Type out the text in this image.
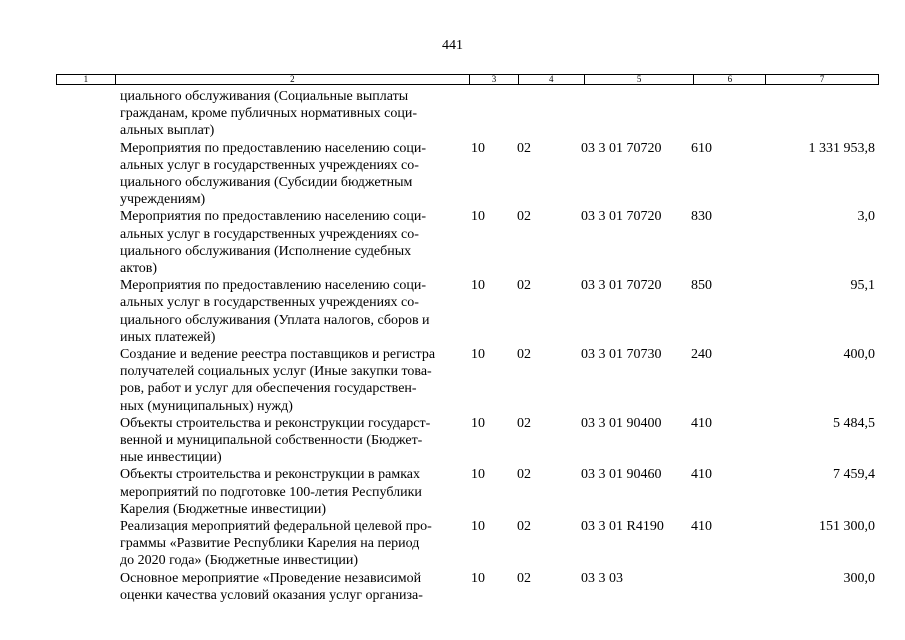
441
1	2	3	4	5	6	7
циального обслуживания (Социальные выплаты
гражданам, кроме публичных нормативных соци-
альных выплат)
Мероприятия по предоставлению населению соци-
альных услуг в государственных учреждениях со-
циального обслуживания (Субсидии бюджетным
учреждениям)
10 02	03 3 01 70720 610	1 331 953,8
Мероприятия по предоставлению населению соци-
альных услуг в государственных учреждениях со-
циального обслуживания (Исполнение судебных
актов)
10 02	03 3 01 70720 830	3,0
Мероприятия по предоставлению населению соци-
альных услуг в государственных учреждениях со-
циального обслуживания (Уплата налогов, сборов и
иных платежей)
10 02	03 3 01 70720 850	95,1
Создание и ведение реестра поставщиков и регистра
получателей социальных услуг (Иные закупки това-
ров, работ и услуг для обеспечения государствен-
ных (муниципальных) нужд)
10 02	03 3 01 70730 240	400,0
Объекты строительства и реконструкции государст-
венной и муниципальной собственности (Бюджет-
ные инвестиции)
10 02	03 3 01 90400 410	5 484,5
Объекты строительства и реконструкции в рамках
мероприятий по подготовке 100-летия Республики
Карелия (Бюджетные инвестиции)
10 02	03 3 01 90460 410	7 459,4
Реализация мероприятий федеральной целевой про-
граммы «Развитие Республики Карелия на период
до 2020 года» (Бюджетные инвестиции)
10 02	03 3 01 R4190 410	151 300,0
Основное мероприятие «Проведение независимой
оценки качества условий оказания услуг организа-
10 02	03 3 03	300,0
